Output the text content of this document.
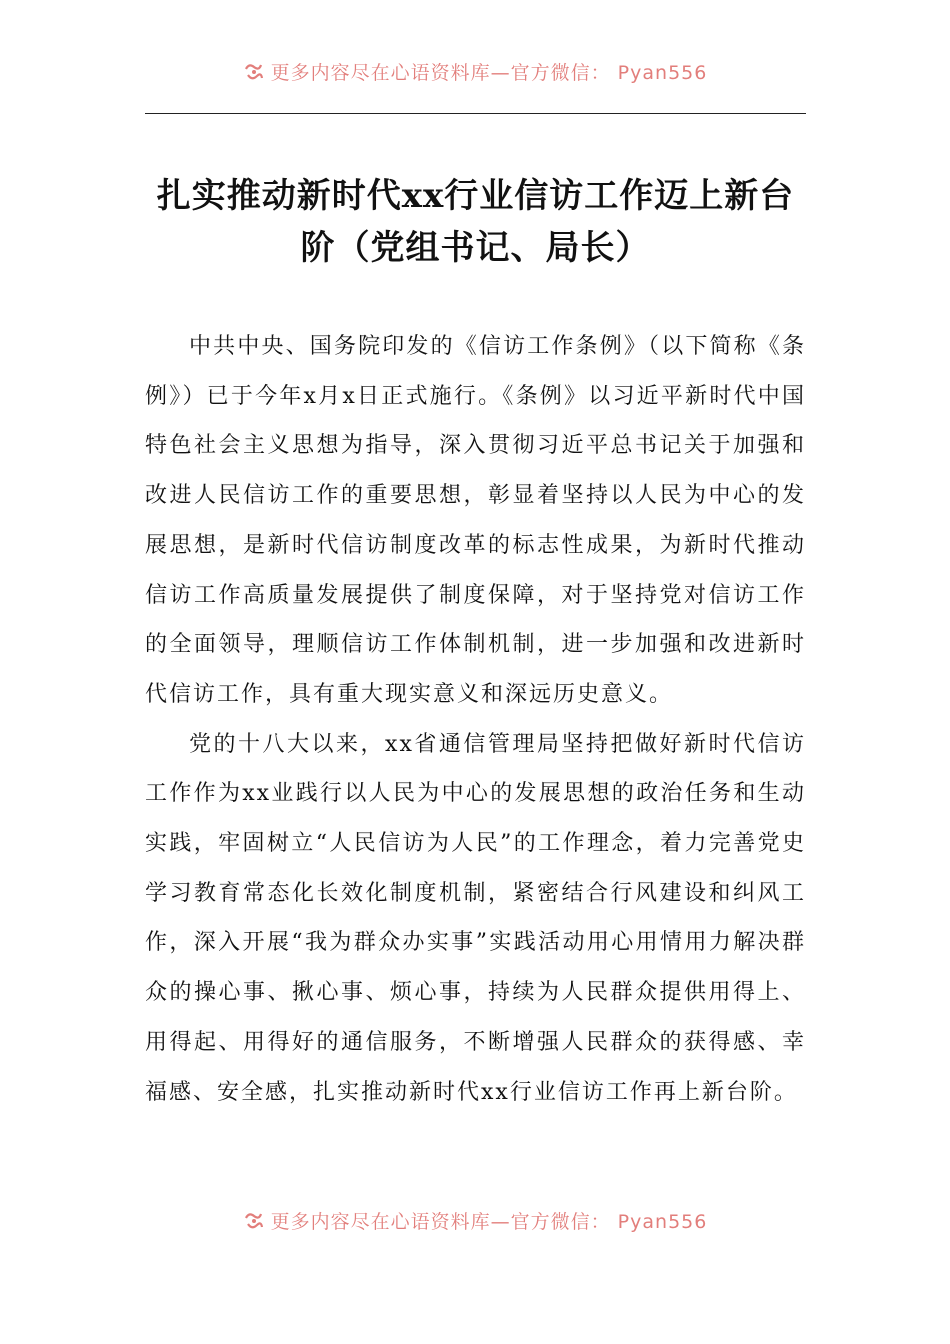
更多内容尽在心语资料库—官方微信： Pyan556
扎实推动新时代xx行业信访工作迈上新台
阶（党组书记、局长）

中共中央、国务院印发的《信访工作条例》（以下简称《条例》）已于今年x月x日正式施行。《条例》以习近平新时代中国特色社会主义思想为指导，深入贯彻习近平总书记关于加强和改进人民信访工作的重要思想，彰显着坚持以人民为中心的发展思想，是新时代信访制度改革的标志性成果，为新时代推动信访工作高质量发展提供了制度保障，对于坚持党对信访工作的全面领导，理顺信访工作体制机制，进一步加强和改进新时代信访工作，具有重大现实意义和深远历史意义。

党的十八大以来，xx省通信管理局坚持把做好新时代信访工作作为xx业践行以人民为中心的发展思想的政治任务和生动实践，牢固树立“人民信访为人民”的工作理念，着力完善党史学习教育常态化长效化制度机制，紧密结合行风建设和纠风工作，深入开展“我为群众办实事”实践活动用心用情用力解决群众的操心事、揪心事、烦心事，持续为人民群众提供用得上、用得起、用得好的通信服务，不断增强人民群众的获得感、幸福感、安全感，扎实推动新时代xx行业信访工作再上新台阶。

更多内容尽在心语资料库—官方微信： Pyan556
